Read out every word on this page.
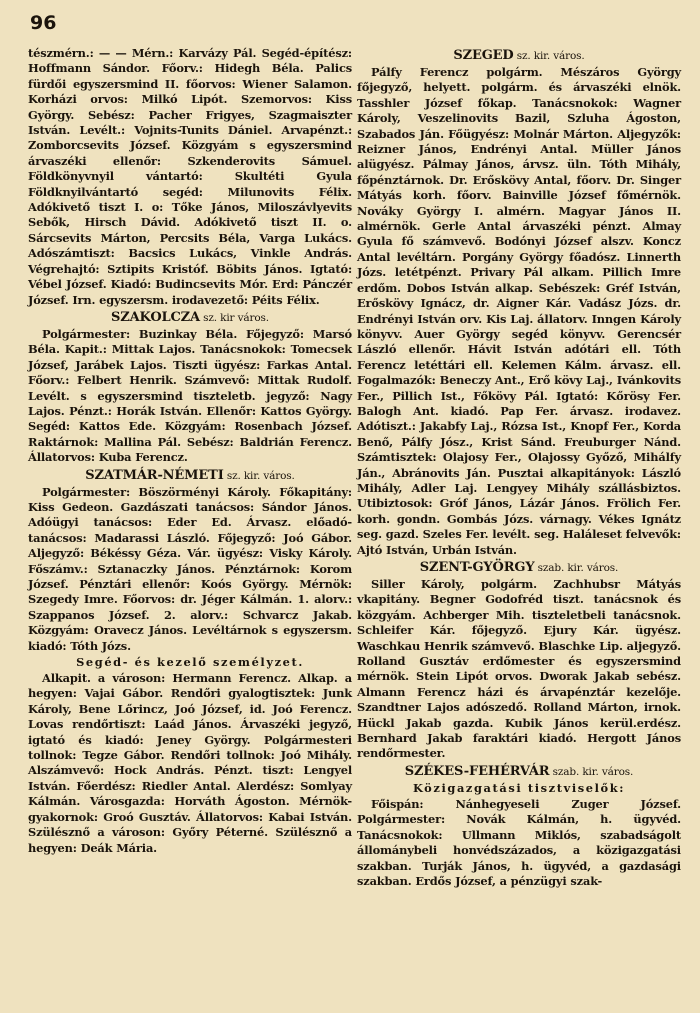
96

tészmérn.: — — Mérn.: Karvázy Pál. Segéd-építész: Hoffmann Sándor. Főorv.: Hidegh Béla. Palics fürdői egyszersmind II. főorvos: Wiener Salamon. Korházi orvos: Milkó Lipót. Szemorvos: Kiss György. Sebész: Pacher Frigyes, Szagmaiszter István. Levélt.: Vojnits-Tunits Dániel. Arvapénzt.: Zomborcsevits József. Közgyám s egyszersmind árvaszéki ellenőr: Szkenderovits Sámuel. Földkönyvnyil vántartó: Skultéti Gyula Földknyilvántartó segéd: Milunovits Félix. Adókivető tiszt I. o: Tőke János, Miloszávlyevits Sebők, Hirsch Dávid. Adókivető tiszt II. o. Sárcsevits Márton, Percsits Béla, Varga Lukács. Adószámtiszt: Bacsics Lukács, Vinkle András. Végrehajtó: Sztipits Kristóf. Böbits János. Igtató: Vébel József. Kiadó: Budincsevits Mór. Erd: Pánczér József. Irn. egyszersm. irodavezető: Péits Félix.

SZAKOLCZA sz. kir város.

Polgármester: Buzinkay Béla. Főjegyző: Marsó Béla. Kapit.: Mittak Lajos. Tanácsnokok: Tomecsek József, Jarábek Lajos. Tiszti ügyész: Farkas Antal. Főorv.: Felbert Henrik. Számvevő: Mittak Rudolf. Levélt. s egyszersmind tiszteletb. jegyző: Nagy Lajos. Pénzt.: Horák István. Ellenőr: Kattos György. Segéd: Kattos Ede. Közgyám: Rosenbach József. Raktárnok: Mallina Pál. Sebész: Baldrián Ferencz. Állatorvos: Kuba Ferencz.

SZATMÁR-NÉMETI sz. kir. város.

Polgármester: Böszörményi Károly. Főkapitány: Kiss Gedeon. Gazdászati tanácsos: Sándor János. Adóügyi tanácsos: Eder Ed. Árvasz. előadó-tanácsos: Madarassi László. Főjegyző: Joó Gábor. Aljegyző: Békéssy Géza. Vár. ügyész: Visky Károly. Főszámv.: Sztanaczky János. Pénztárnok: Korom József. Pénztári ellenőr: Koós György. Mérnök: Szegedy Imre. Főorvos: dr. Jéger Kálmán. 1. alorv.: Szappanos József. 2. alorv.: Schvarcz Jakab. Közgyám: Oravecz János. Levéltárnok s egyszersm. kiadó: Tóth Józs.

Segéd- és kezelő személyzet.

Alkapit. a városon: Hermann Ferencz. Alkap. a hegyen: Vajai Gábor. Rendőri gyalogtisztek: Junk Károly, Bene Lőrincz, Joó József, id. Joó Ferencz. Lovas rendőrtiszt: Laád János. Árvaszéki jegyző, igtató és kiadó: Jeney György. Polgármesteri tollnok: Tegze Gábor. Rendőri tollnok: Joó Mihály. Alszámvevő: Hock András. Pénzt. tiszt: Lengyel István. Főerdész: Riedler Antal. Alerdész: Somlyay Kálmán. Városgazda: Horváth Ágoston. Mérnök-gyakornok: Groó Gusztáv. Állatorvos: Kabai István. Szülésznő a városon: Győry Péterné. Szülésznő a hegyen: Deák Mária.

SZEGED sz. kir. város.

Pálfy Ferencz polgárm. Mészáros György főjegyző, helyett. polgárm. és árvaszéki elnök. Tasshler József főkap. Tanácsnokok: Wagner Károly, Veszelinovits Bazil, Szluha Ágoston, Szabados Ján. Főügyész: Molnár Márton. Aljegyzők: Reizner János, Endrényi Antal. Müller János alügyész. Pálmay János, árvsz. üln. Tóth Mihály, főpénztárnok. Dr. Erőskövy Antal, főorv. Dr. Singer Mátyás korh. főorv. Bainville József főmérnök. Novákу György I. almérn. Magyar János II. almérnök. Gerle Antal árvaszéki pénzt. Almay Gyula fő számvevő. Bodónyi József alszv. Koncz Antal levéltárn. Porgány György főadósz. Linnerth Józs. letétpénzt. Privary Pál alkam. Pillich Imre erdőm. Dobos István alkap. Sebészek: Gréf István, Erőskövy Ignácz, dr. Aigner Kár. Vadász Józs. dr. Endrényi István orv. Kis Laj. állatorv. Inngen Károly könyvv. Auer György segéd könyvv. Gerencsér László ellenőr. Hávit István adótári ell. Tóth Ferencz letéttári ell. Kelemen Kálm. árvasz. ell. Fogalmazók: Beneczy Ant., Erő kövy Laj., Ivánkovits Fer., Pillich Ist., Főkövy Pál. Igtató: Kőrösy Fer. Balogh Ant. kiadó. Pap Fer. árvasz. irodavez. Adótiszt.: Jakabfy Laj., Rózsa Ist., Knopf Fer., Korda Benő, Pálfy Jósz., Krist Sánd. Freuburger Nánd. Számtisztek: Olajosy Fer., Olajossy Győző, Mihálfy Ján., Abránovits Ján. Pusztai alkapitányok: László Mihály, Adler Laj. Lengyey Mihály szállásbiztos. Utibiztosok: Gróf János, Lázár János. Frölich Fer. korh. gondn. Gombás Józs. várnagy. Vékes Ignátz seg. gazd. Szeles Fer. levélt. seg. Haláleset felvevők: Ajtó István, Urbán István.

SZENT-GYÖRGY szab. kir. város.

Siller Károly, polgárm. Zachhubsr Mátyás vkapitány. Begner Godofréd tiszt. tanácsnok és közgyám. Achberger Mih. tiszteletbeli tanácsnok. Schleifer Kár. főjegyző. Ejury Kár. ügyész. Waschkau Henrik számvevő. Blaschke Lip. aljegyző. Rolland Gusztáv erdőmester és egyszersmind mérnök. Stein Lipót orvos. Dworak Jakab sebész. Almann Ferencz házi és árvapénztár kezelője. Szandtner Lajos adószedő. Rolland Márton, irnok. Hückl Jakab gazda. Kubik János kerül.erdész. Bernhard Jakab faraktári kiadó. Hergott János rendőrmester.

SZÉKES-FEHÉRVÁR szab. kir. város.
Közigazgatási tisztviselők:

Főispán: Nánhegyeseli Zuger József. Polgármester: Novák Kálmán, h. ügyvéd. Tanácsnokok: Ullmann Miklós, szabadságolt állománybeli honvédszázados, a közigazgatási szakban. Turják János, h. ügyvéd, a gazdasági szakban. Erdős József, a pénzügyi szak-
